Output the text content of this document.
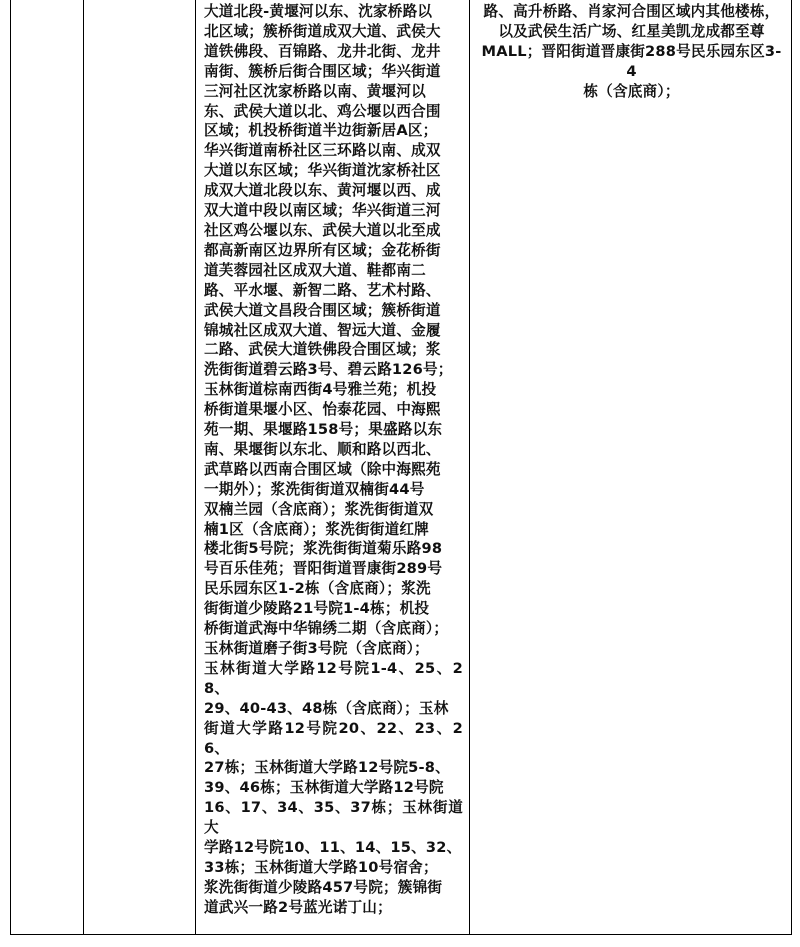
大道北段-黄堰河以东、沈家桥路以
北区域；簇桥街道成双大道、武侯大
道铁佛段、百锦路、龙井北街、龙井
南街、簇桥后街合围区域；华兴街道
三河社区沈家桥路以南、黄堰河以
东、武侯大道以北、鸡公堰以西合围
区域；机投桥街道半边街新居A区；
华兴街道南桥社区三环路以南、成双
大道以东区域；华兴街道沈家桥社区
成双大道北段以东、黄河堰以西、成
双大道中段以南区域；华兴街道三河
社区鸡公堰以东、武侯大道以北至成
都高新南区边界所有区域；金花桥街
道芙蓉园社区成双大道、鞋都南二
路、平水堰、新智二路、艺术村路、
武侯大道文昌段合围区域；簇桥街道
锦城社区成双大道、智远大道、金履
二路、武侯大道铁佛段合围区域；浆
洗街街道碧云路3号、碧云路126号；
玉林街道棕南西街4号雅兰苑；机投
桥街道果堰小区、怡泰花园、中海熙
苑一期、果堰路158号；果盛路以东
南、果堰街以东北、顺和路以西北、
武草路以西南合围区域（除中海熙苑
一期外）；浆洗街街道双楠街44号
双楠兰园（含底商）；浆洗街街道双
楠1区（含底商）；浆洗街街道红牌
楼北街5号院；浆洗街街道菊乐路98
号百乐佳苑；晋阳街道晋康街289号
民乐园东区1-2栋（含底商）；浆洗
街街道少陵路21号院1-4栋；机投
桥街道武海中华锦绣二期（含底商）；
玉林街道磨子街3号院（含底商）；
玉林街道大学路12号院1-4、25、28、
29、40-43、48栋（含底商）；玉林
街道大学路12号院20、22、23、26、
27栋；玉林街道大学路12号院5-8、
39、46栋；玉林街道大学路12号院
16、17、34、35、37栋；玉林街道大
学路12号院10、11、14、15、32、
33栋；玉林街道大学路10号宿舍；
浆洗街街道少陵路457号院；簇锦街
道武兴一路2号蓝光诺丁山；

路、高升桥路、肖家河合围区域内其他楼栋，
以及武侯生活广场、红星美凯龙成都至尊
MALL；晋阳街道晋康街288号民乐园东区3-4
栋（含底商）；
